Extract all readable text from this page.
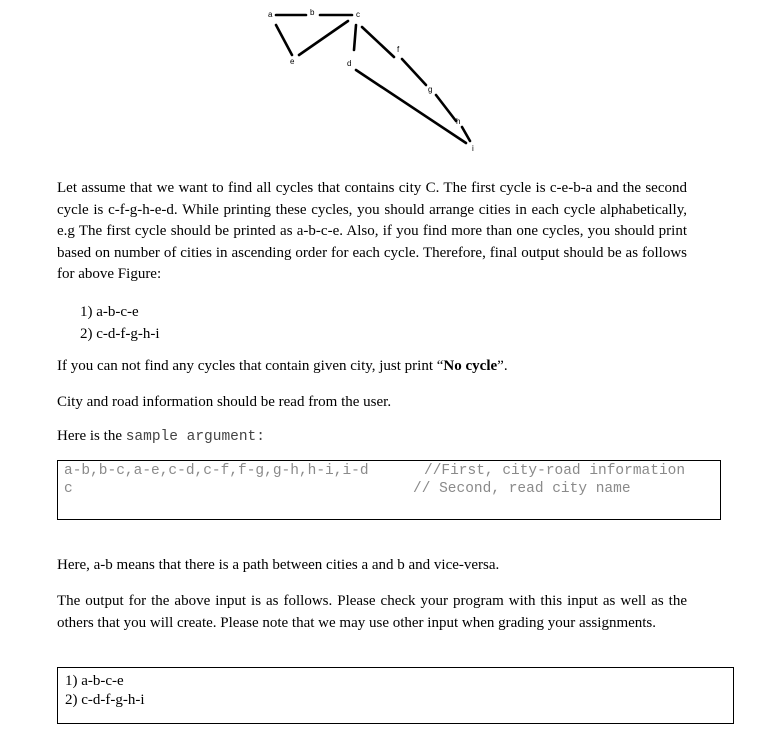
a	b	c
d
e
f
g
h
i

Let assume that we want to find all cycles that contains city C. The first cycle is c-e-b-a and the second cycle is c-f-g-h-e-d. While printing these cycles, you should arrange cities in each cycle alphabetically, e.g The first cycle should be printed as a-b-c-e. Also, if you find more than one cycles, you should print based on number of cities in ascending order for each cycle. Therefore, final output should be as follows for above Figure:

1) a-b-c-e
2) c-d-f-g-h-i

If you can not find any cycles that contain given city, just print “No cycle”.

City and road information should be read from the user.

Here is the sample argument:

a-b,b-c,a-e,c-d,c-f,f-g,g-h,h-i,i-d	//First, city-road information
c	// Second, read city name

Here, a-b means that there is a path between cities a and b and vice-versa.

The output for the above input is as follows. Please check your program with this input as well as the others that you will create. Please note that we may use other input when grading your assignments.

1) a-b-c-e
2) c-d-f-g-h-i
